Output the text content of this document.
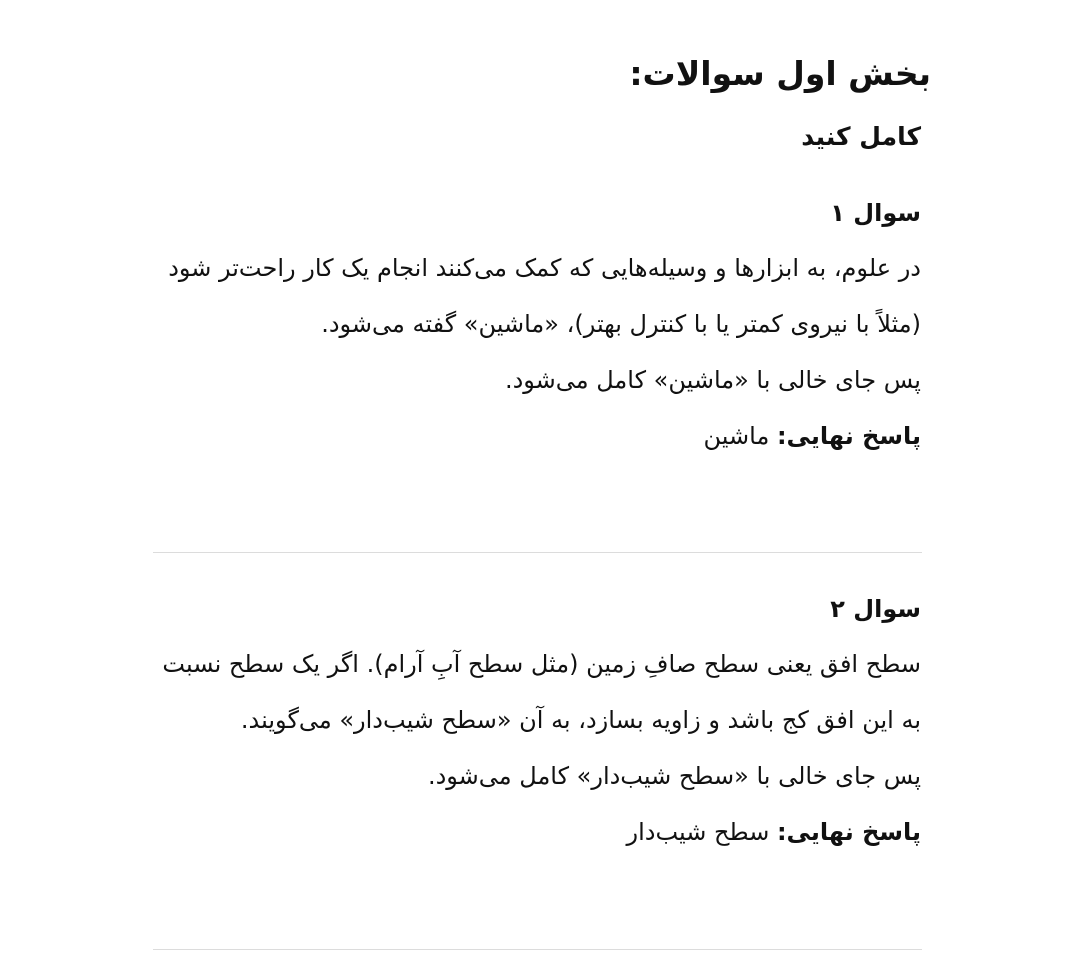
بخش اول سوالات:
کامل کنید

سوال ۱

در علوم، به ابزارها و وسیله‌هایی که کمک می‌کنند انجام یک کار راحت‌تر شود (مثلاً با نیروی کمتر یا با کنترل بهتر)، «ماشین» گفته می‌شود.

پس جای خالی با «ماشین» کامل می‌شود.

پاسخ نهایی: ماشین

سوال ۲

سطح افق یعنی سطح صافِ زمین (مثل سطح آبِ آرام). اگر یک سطح نسبت به این افق کج باشد و زاویه بسازد، به آن «سطح شیب‌دار» می‌گویند.

پس جای خالی با «سطح شیب‌دار» کامل می‌شود.

پاسخ نهایی: سطح شیب‌دار
